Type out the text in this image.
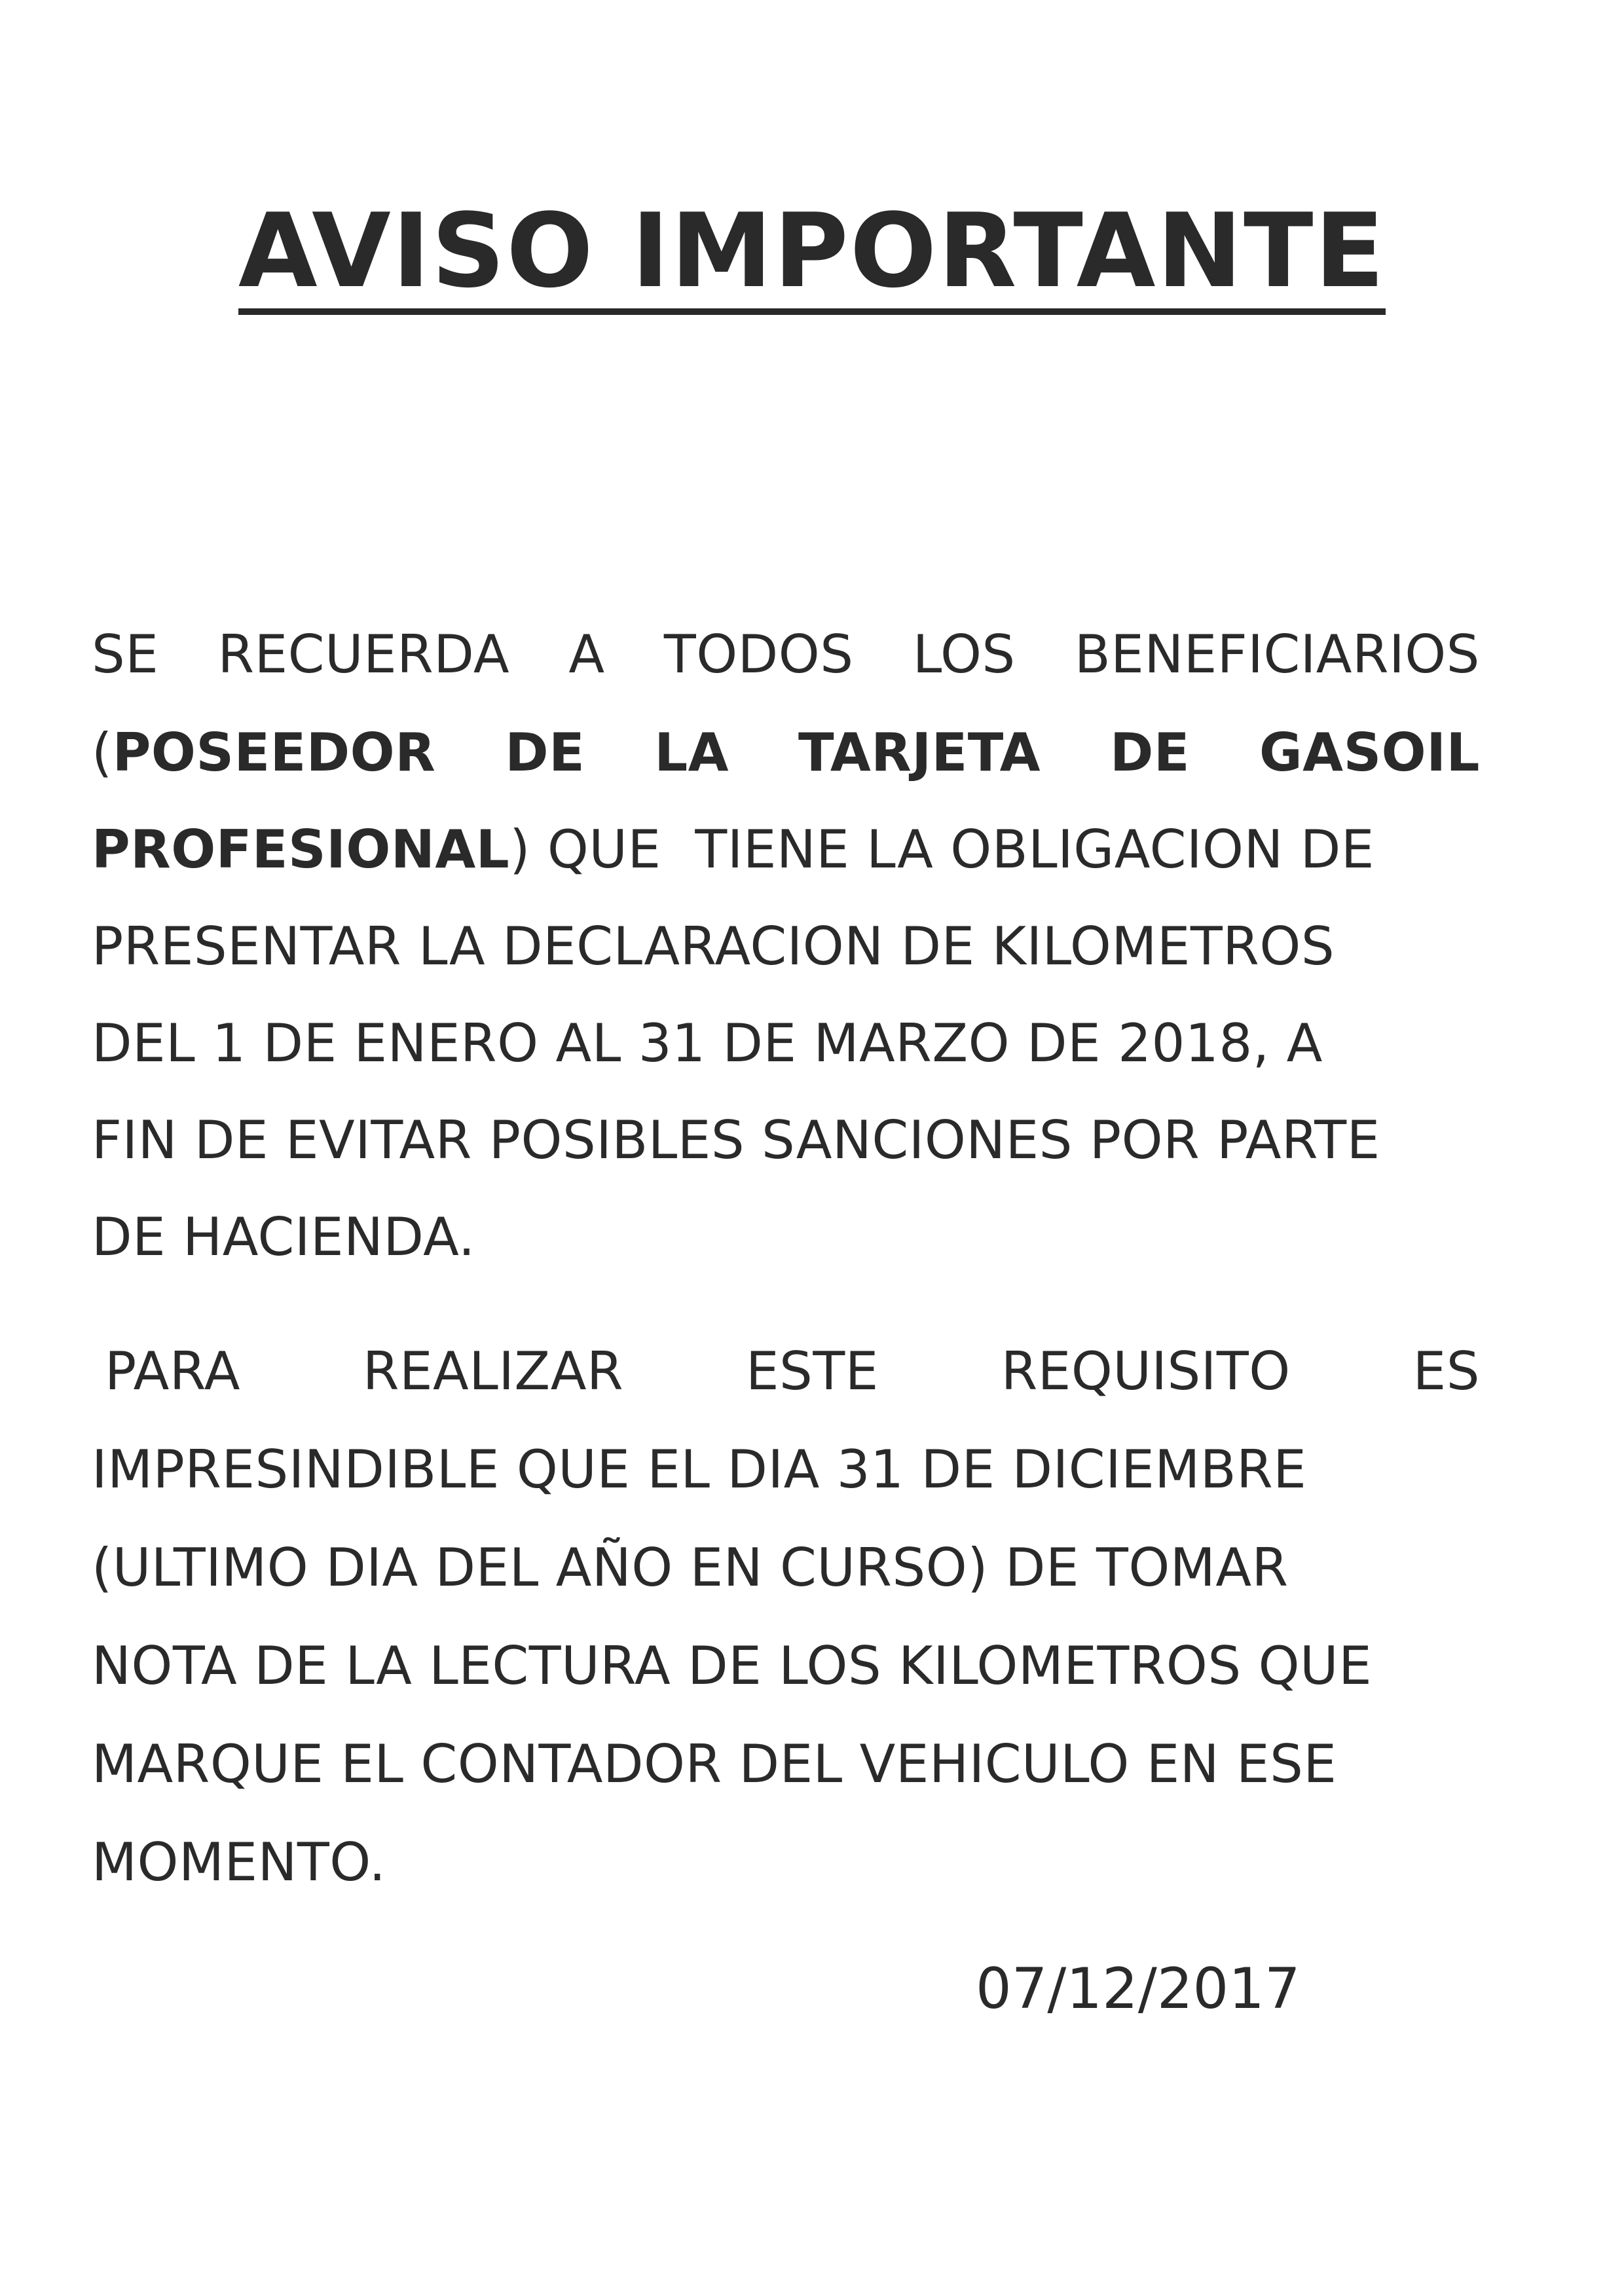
AVISO IMPORTANTE
SE RECUERDA A TODOS LOS BENEFICIARIOS
(POSEEDOR DE LA TARJETA DE GASOIL
PROFESIONAL) QUE  TIENE LA OBLIGACION DE
PRESENTAR LA DECLARACION DE KILOMETROS
DEL 1 DE ENERO AL 31 DE MARZO DE 2018, A
FIN DE EVITAR POSIBLES SANCIONES POR PARTE
DE HACIENDA.
PARA REALIZAR ESTE REQUISITO ES
IMPRESINDIBLE QUE EL DIA 31 DE DICIEMBRE
(ULTIMO DIA DEL AÑO EN CURSO) DE TOMAR
NOTA DE LA LECTURA DE LOS KILOMETROS QUE
MARQUE EL CONTADOR DEL VEHICULO EN ESE
MOMENTO.
07/12/2017
